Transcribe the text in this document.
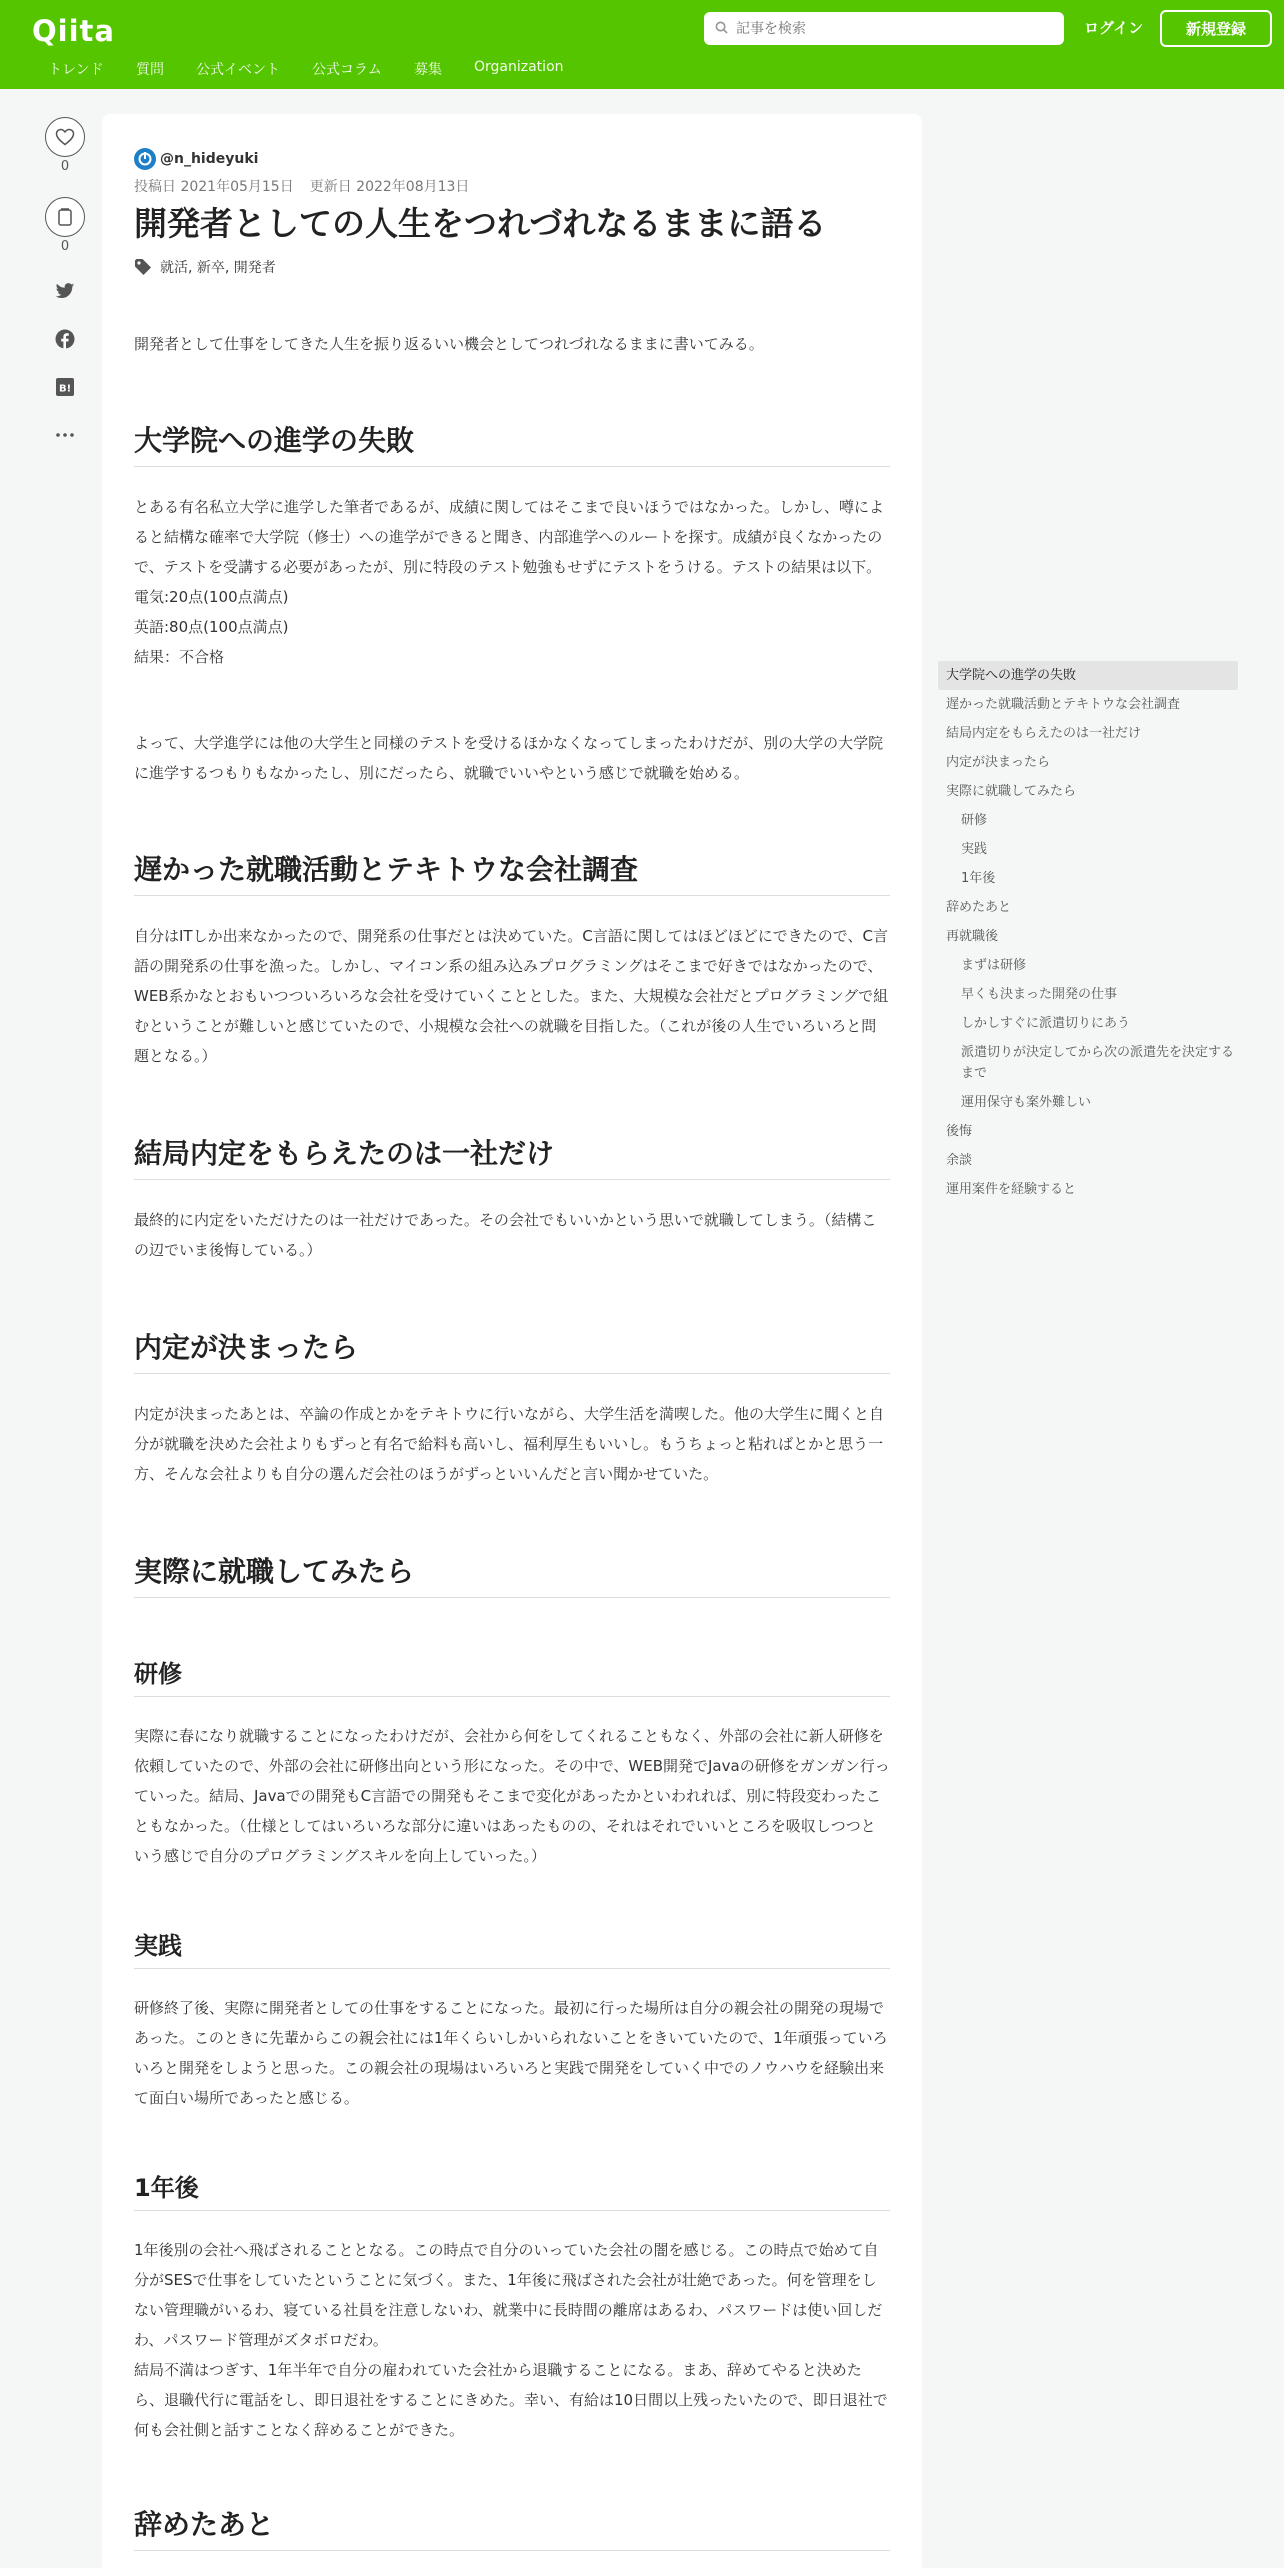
Qiita
記事を検索	ログイン	新規登録
トレンド 質問 公式イベント 公式コラム 募集 Organization
0
0
B!
@n_hideyuki
投稿日 2021年05月15日 更新日 2022年08月13日
開発者としての人生をつれづれなるままに語る
就活, 新卒, 開発者

開発者として仕事をしてきた人生を振り返るいい機会としてつれづれなるままに書いてみる。

大学院への進学の失敗

とある有名私立大学に進学した筆者であるが、成績に関してはそこまで良いほうではなかった。しかし、噂によると結構な確率で大学院（修士）への進学ができると聞き、内部進学へのルートを探す。成績が良くなかったので、テストを受講する必要があったが、別に特段のテスト勉強もせずにテストをうける。テストの結果は以下。

電気:20点(100点満点)

英語:80点(100点満点)

結果：不合格

よって、大学進学には他の大学生と同様のテストを受けるほかなくなってしまったわけだが、別の大学の大学院に進学するつもりもなかったし、別にだったら、就職でいいやという感じで就職を始める。

遅かった就職活動とテキトウな会社調査

自分はITしか出来なかったので、開発系の仕事だとは決めていた。C言語に関してはほどほどにできたので、C言語の開発系の仕事を漁った。しかし、マイコン系の組み込みプログラミングはそこまで好きではなかったので、WEB系かなとおもいつついろいろな会社を受けていくこととした。また、大規模な会社だとプログラミングで組むということが難しいと感じていたので、小規模な会社への就職を目指した。（これが後の人生でいろいろと問題となる。）

結局内定をもらえたのは一社だけ

最終的に内定をいただけたのは一社だけであった。その会社でもいいかという思いで就職してしまう。（結構この辺でいま後悔している。）

内定が決まったら

内定が決まったあとは、卒論の作成とかをテキトウに行いながら、大学生活を満喫した。他の大学生に聞くと自分が就職を決めた会社よりもずっと有名で給料も高いし、福利厚生もいいし。もうちょっと粘ればとかと思う一方、そんな会社よりも自分の選んだ会社のほうがずっといいんだと言い聞かせていた。

実際に就職してみたら
研修

実際に春になり就職することになったわけだが、会社から何をしてくれることもなく、外部の会社に新人研修を依頼していたので、外部の会社に研修出向という形になった。その中で、WEB開発でJavaの研修をガンガン行っていった。結局、Javaでの開発もC言語での開発もそこまで変化があったかといわれれば、別に特段変わったこともなかった。（仕様としてはいろいろな部分に違いはあったものの、それはそれでいいところを吸収しつつという感じで自分のプログラミングスキルを向上していった。）

実践

研修終了後、実際に開発者としての仕事をすることになった。最初に行った場所は自分の親会社の開発の現場であった。このときに先輩からこの親会社には1年くらいしかいられないことをきいていたので、1年頑張っていろいろと開発をしようと思った。この親会社の現場はいろいろと実践で開発をしていく中でのノウハウを経験出来て面白い場所であったと感じる。

1年後

1年後別の会社へ飛ばされることとなる。この時点で自分のいっていた会社の闇を感じる。この時点で始めて自分がSESで仕事をしていたということに気づく。また、1年後に飛ばされた会社が壮絶であった。何を管理をしない管理職がいるわ、寝ている社員を注意しないわ、就業中に長時間の離席はあるわ、パスワードは使い回しだわ、パスワード管理がズタボロだわ。

結局不満はつぎす、1年半年で自分の雇われていた会社から退職することになる。まあ、辞めてやると決めたら、退職代行に電話をし、即日退社をすることにきめた。幸い、有給は10日間以上残ったいたので、即日退社で何も会社側と話すことなく辞めることができた。

辞めたあと
大学院への進学の失敗
遅かった就職活動とテキトウな会社調査
結局内定をもらえたのは一社だけ
内定が決まったら
実際に就職してみたら
研修
実践
1年後
辞めたあと
再就職後
まずは研修
早くも決まった開発の仕事
しかしすぐに派遣切りにあう
派遣切りが決定してから次の派遣先を決定するまで
運用保守も案外難しい
後悔
余談
運用案件を経験すると
